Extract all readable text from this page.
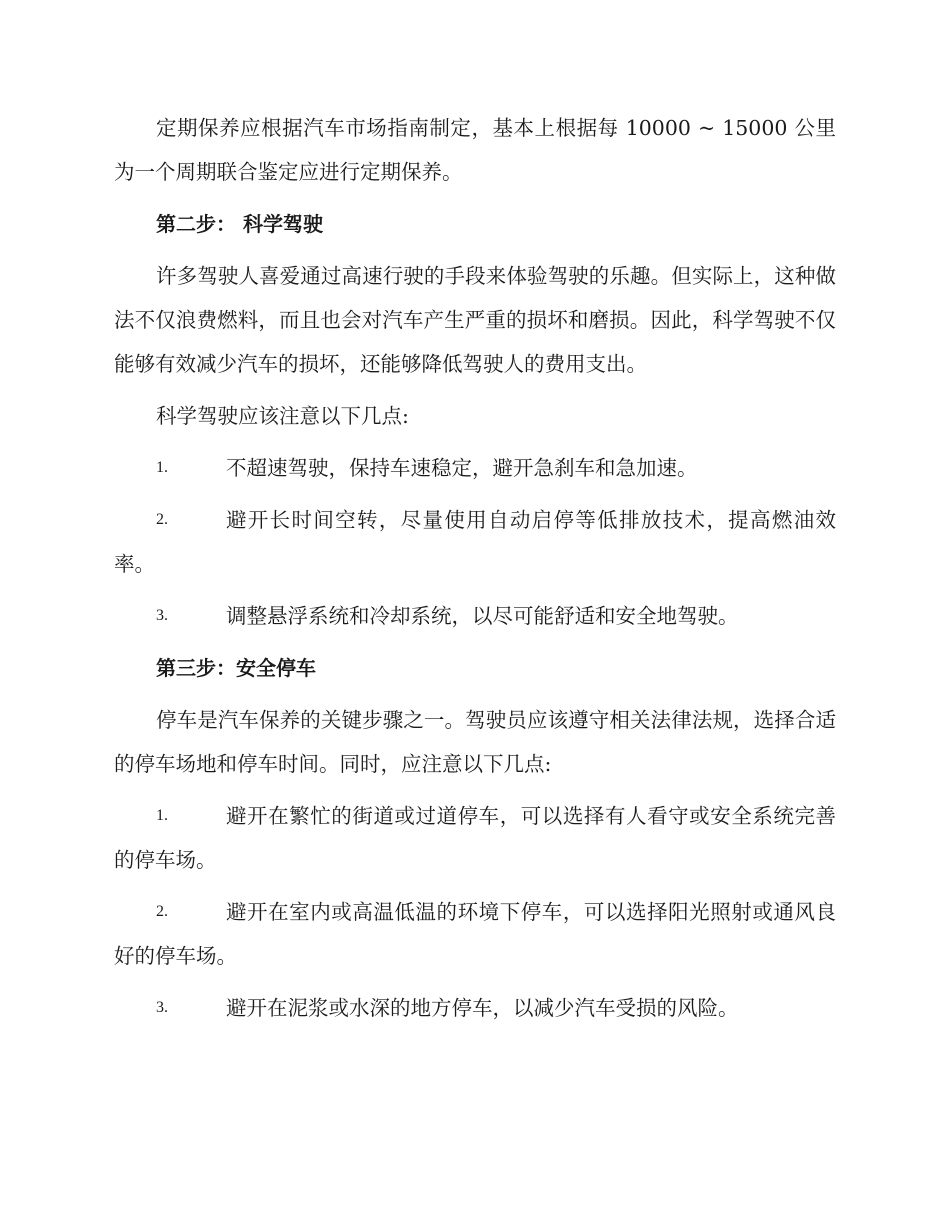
定期保养应根据汽车市场指南制定，基本上根据每 10000 ~ 15000 公里为一个周期联合鉴定应进行定期保养。

第二步： 科学驾驶

许多驾驶人喜爱通过高速行驶的手段来体验驾驶的乐趣。但实际上，这种做法不仅浪费燃料，而且也会对汽车产生严重的损坏和磨损。因此，科学驾驶不仅能够有效减少汽车的损坏，还能够降低驾驶人的费用支出。

科学驾驶应该注意以下几点:

1.	不超速驾驶，保持车速稳定，避开急刹车和急加速。
2.	避开长时间空转，尽量使用自动启停等低排放技术，提高燃油效率。
3.	调整悬浮系统和冷却系统，以尽可能舒适和安全地驾驶。

第三步：安全停车

停车是汽车保养的关键步骤之一。驾驶员应该遵守相关法律法规，选择合适的停车场地和停车时间。同时，应注意以下几点:

1.	避开在繁忙的街道或过道停车，可以选择有人看守或安全系统完善的停车场。
2.	避开在室内或高温低温的环境下停车，可以选择阳光照射或通风良好的停车场。
3.	避开在泥浆或水深的地方停车，以减少汽车受损的风险。
